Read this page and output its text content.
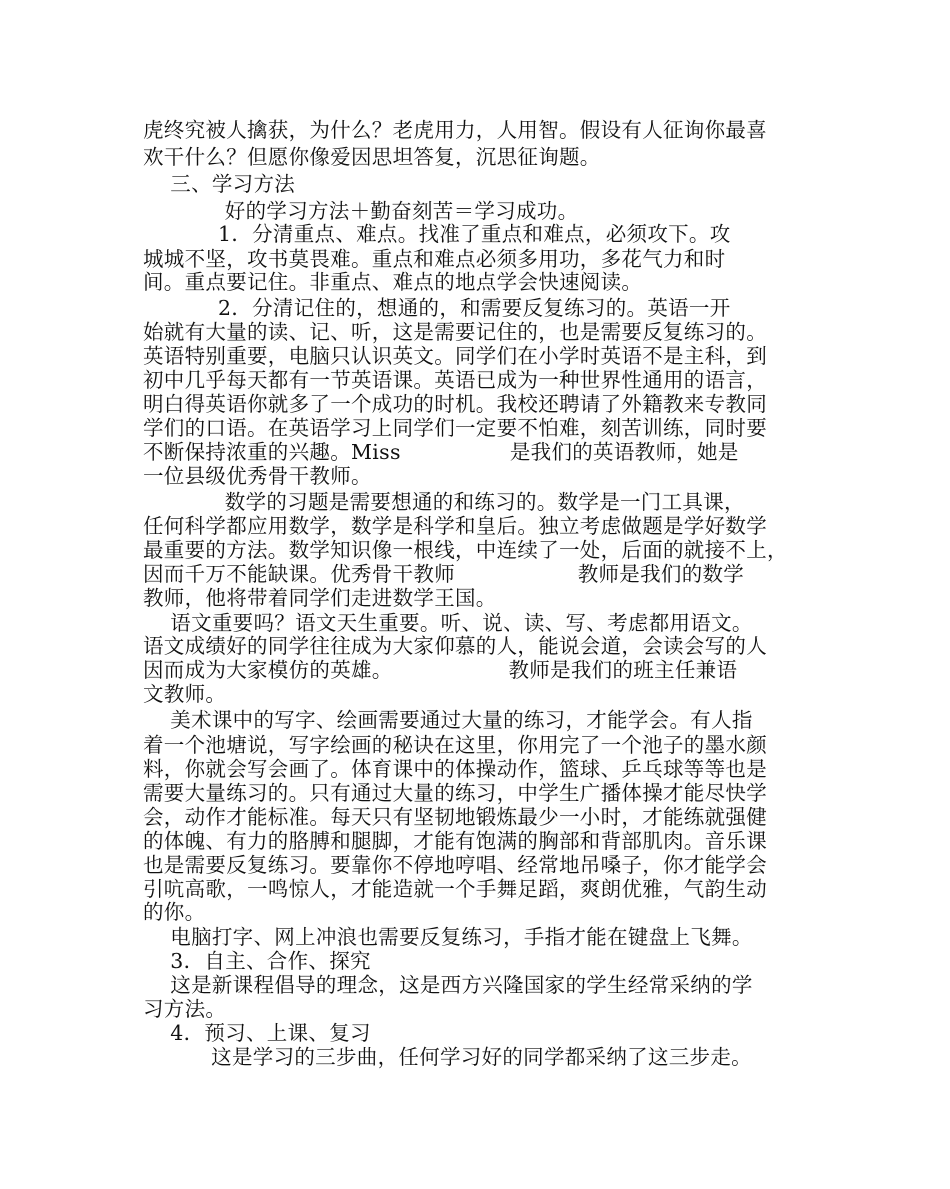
虎终究被人擒获，为什么？老虎用力，人用智。假设有人征询你最喜
欢干什么？但愿你像爱因思坦答复，沉思征询题。
三、学习方法
好的学习方法＋勤奋刻苦＝学习成功。
1．分清重点、难点。找准了重点和难点，必须攻下。攻
城城不坚，攻书莫畏难。重点和难点必须多用功，多花气力和时
间。重点要记住。非重点、难点的地点学会快速阅读。
2．分清记住的，想通的，和需要反复练习的。英语一开
始就有大量的读、记、听，这是需要记住的，也是需要反复练习的。
英语特别重要，电脑只认识英文。同学们在小学时英语不是主科，到
初中几乎每天都有一节英语课。英语已成为一种世界性通用的语言，
明白得英语你就多了一个成功的时机。我校还聘请了外籍教来专教同
学们的口语。在英语学习上同学们一定要不怕难，刻苦训练，同时要
不断保持浓重的兴趣。Miss                是我们的英语教师，她是
一位县级优秀骨干教师。
数学的习题是需要想通的和练习的。数学是一门工具课，
任何科学都应用数学，数学是科学和皇后。独立考虑做题是学好数学
最重要的方法。数学知识像一根线，中连续了一处，后面的就接不上，
因而千万不能缺课。优秀骨干教师                  教师是我们的数学
教师，他将带着同学们走进数学王国。
语文重要吗？语文天生重要。听、说、读、写、考虑都用语文。
语文成绩好的同学往往成为大家仰慕的人，能说会道，会读会写的人
因而成为大家模仿的英雄。                 教师是我们的班主任兼语
文教师。
美术课中的写字、绘画需要通过大量的练习，才能学会。有人指
着一个池塘说，写字绘画的秘诀在这里，你用完了一个池子的墨水颜
料，你就会写会画了。体育课中的体操动作，篮球、乒乓球等等也是
需要大量练习的。只有通过大量的练习，中学生广播体操才能尽快学
会，动作才能标准。每天只有坚韧地锻炼最少一小时，才能练就强健
的体魄、有力的胳膊和腿脚，才能有饱满的胸部和背部肌肉。音乐课
也是需要反复练习。要靠你不停地哼唱、经常地吊嗓子，你才能学会
引吭高歌，一鸣惊人，才能造就一个手舞足蹈，爽朗优雅，气韵生动
的你。
电脑打字、网上冲浪也需要反复练习，手指才能在键盘上飞舞。
3．自主、合作、探究
这是新课程倡导的理念，这是西方兴隆国家的学生经常采纳的学
习方法。
4．预习、上课、复习
这是学习的三步曲，任何学习好的同学都采纳了这三步走。
